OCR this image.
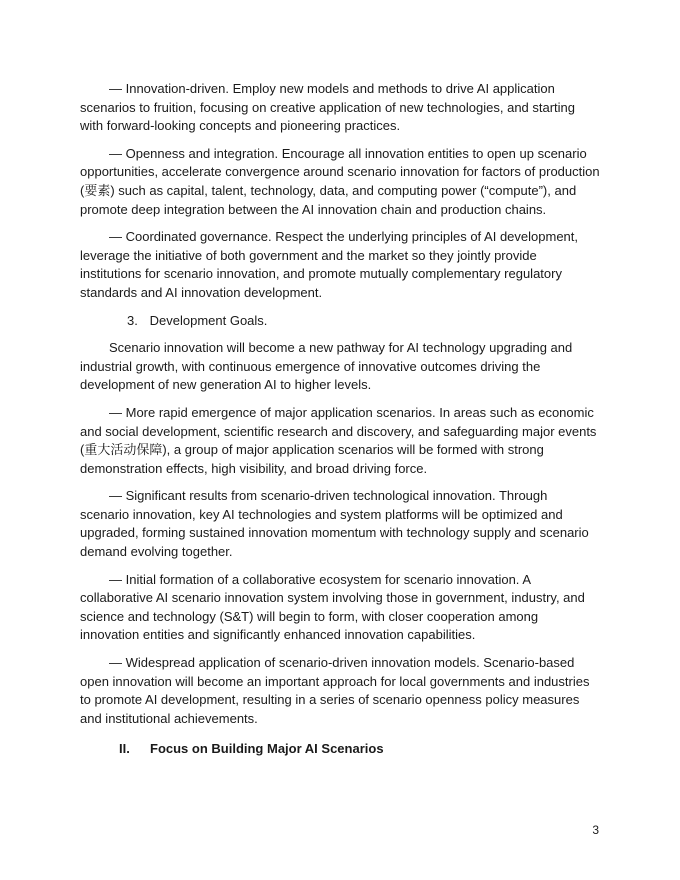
— Innovation-driven. Employ new models and methods to drive AI application scenarios to fruition, focusing on creative application of new technologies, and starting with forward-looking concepts and pioneering practices.

— Openness and integration. Encourage all innovation entities to open up scenario opportunities, accelerate convergence around scenario innovation for factors of production (要素) such as capital, talent, technology, data, and computing power (“compute”), and promote deep integration between the AI innovation chain and production chains.

— Coordinated governance. Respect the underlying principles of AI development, leverage the initiative of both government and the market so they jointly provide institutions for scenario innovation, and promote mutually complementary regulatory standards and AI innovation development.

3. Development Goals.

Scenario innovation will become a new pathway for AI technology upgrading and industrial growth, with continuous emergence of innovative outcomes driving the development of new generation AI to higher levels.

— More rapid emergence of major application scenarios. In areas such as economic and social development, scientific research and discovery, and safeguarding major events (重大活动保障), a group of major application scenarios will be formed with strong demonstration effects, high visibility, and broad driving force.

— Significant results from scenario-driven technological innovation. Through scenario innovation, key AI technologies and system platforms will be optimized and upgraded, forming sustained innovation momentum with technology supply and scenario demand evolving together.

— Initial formation of a collaborative ecosystem for scenario innovation. A collaborative AI scenario innovation system involving those in government, industry, and science and technology (S&T) will begin to form, with closer cooperation among innovation entities and significantly enhanced innovation capabilities.

— Widespread application of scenario-driven innovation models. Scenario-based open innovation will become an important approach for local governments and industries to promote AI development, resulting in a series of scenario openness policy measures and institutional achievements.

II. Focus on Building Major AI Scenarios

3
